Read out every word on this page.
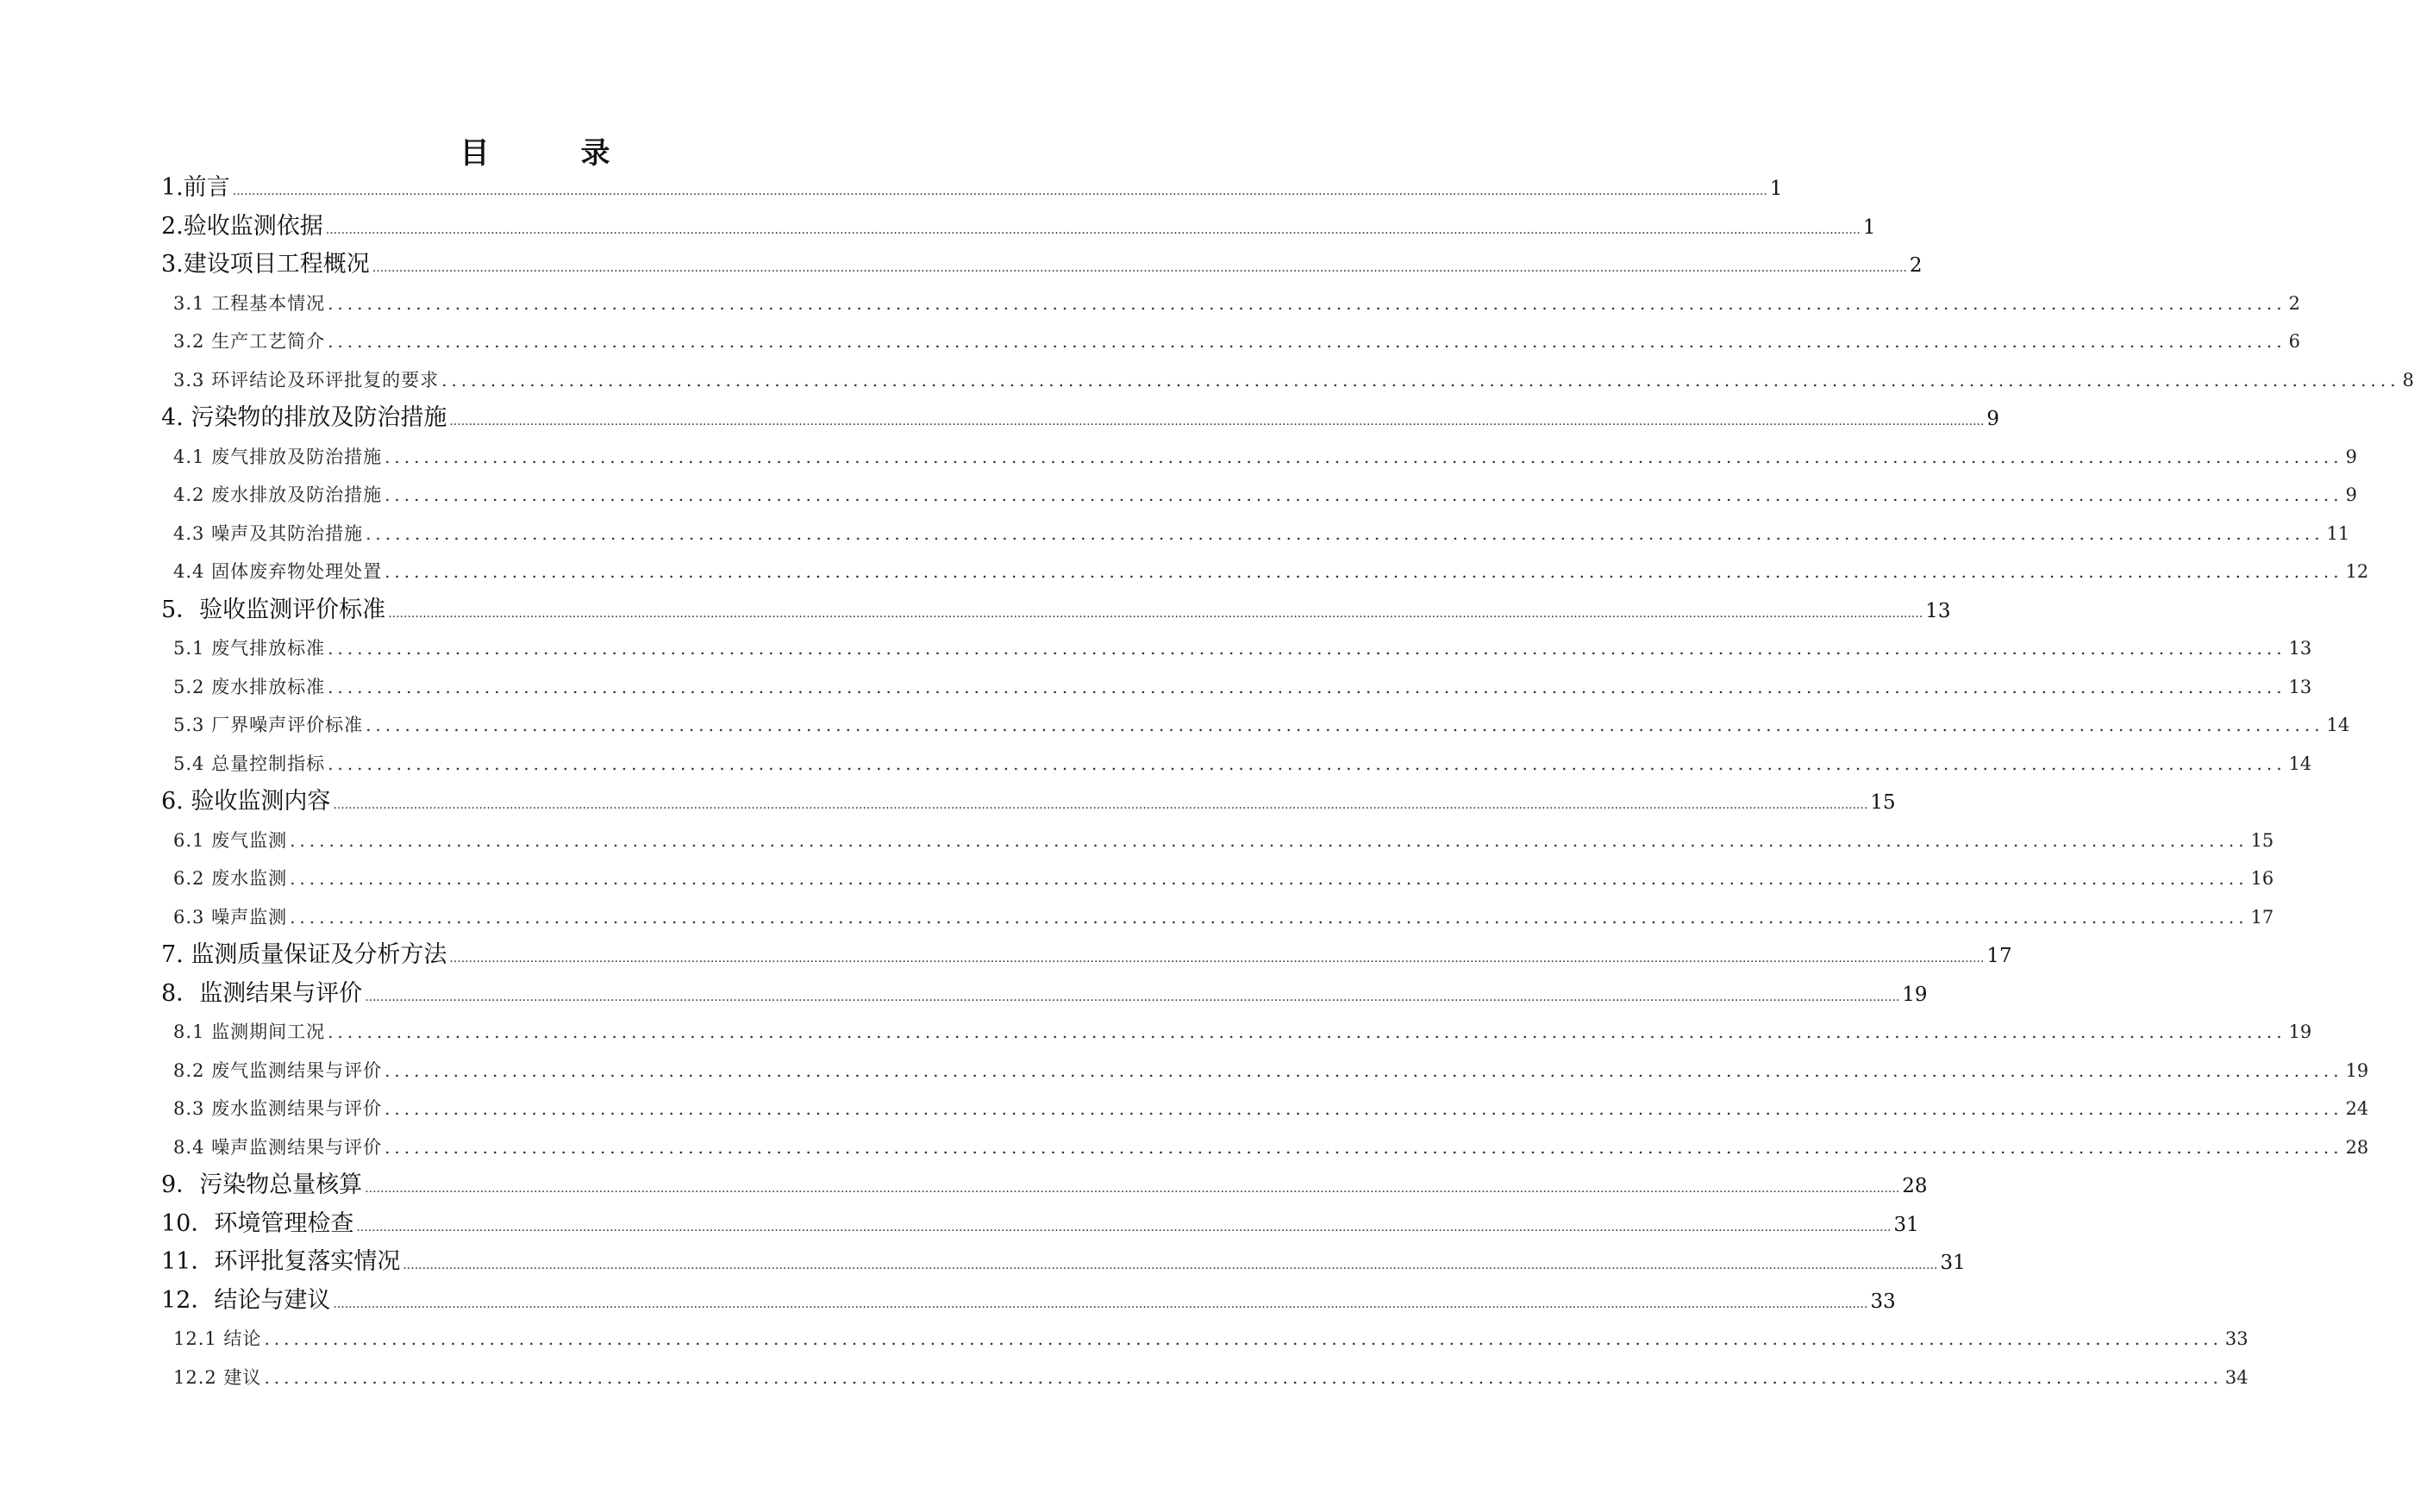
目　录
1.前言 ................................................................................................................................................................................................................................................................................................................................................................................................................ 1
2.验收监测依据 ................................................................................................................................................................................................................................................................................................................................................................................................................ 1
3.建设项目工程概况 ................................................................................................................................................................................................................................................................................................................................................................................................................ 2
3.1 工程基本情况 ........................................................................................................................................................................................................ 2
3.2 生产工艺简介 ........................................................................................................................................................................................................ 6
3.3 环评结论及环评批复的要求 ........................................................................................................................................................................................................ 8
4. 污染物的排放及防治措施 ................................................................................................................................................................................................................................................................................................................................................................................................................ 9
4.1 废气排放及防治措施 ........................................................................................................................................................................................................ 9
4.2 废水排放及防治措施 ........................................................................................................................................................................................................ 9
4.3 噪声及其防治措施 ........................................................................................................................................................................................................ 11
4.4 固体废弃物处理处置 ........................................................................................................................................................................................................ 12
5．验收监测评价标准 ................................................................................................................................................................................................................................................................................................................................................................................................................ 13
5.1 废气排放标准 ........................................................................................................................................................................................................ 13
5.2 废水排放标准 ........................................................................................................................................................................................................ 13
5.3 厂界噪声评价标准 ........................................................................................................................................................................................................ 14
5.4 总量控制指标 ........................................................................................................................................................................................................ 14
6. 验收监测内容 ................................................................................................................................................................................................................................................................................................................................................................................................................ 15
6.1 废气监测 ........................................................................................................................................................................................................ 15
6.2 废水监测 ........................................................................................................................................................................................................ 16
6.3 噪声监测 ........................................................................................................................................................................................................ 17
7. 监测质量保证及分析方法 ................................................................................................................................................................................................................................................................................................................................................................................................................ 17
8．监测结果与评价 ................................................................................................................................................................................................................................................................................................................................................................................................................ 19
8.1 监测期间工况 ........................................................................................................................................................................................................ 19
8.2 废气监测结果与评价 ........................................................................................................................................................................................................ 19
8.3 废水监测结果与评价 ........................................................................................................................................................................................................ 24
8.4 噪声监测结果与评价 ........................................................................................................................................................................................................ 28
9．污染物总量核算 ................................................................................................................................................................................................................................................................................................................................................................................................................ 28
10．环境管理检查 ................................................................................................................................................................................................................................................................................................................................................................................................................ 31
11．环评批复落实情况 ................................................................................................................................................................................................................................................................................................................................................................................................................ 31
12．结论与建议 ................................................................................................................................................................................................................................................................................................................................................................................................................ 33
12.1 结论 ........................................................................................................................................................................................................ 33
12.2 建议 ........................................................................................................................................................................................................ 34
